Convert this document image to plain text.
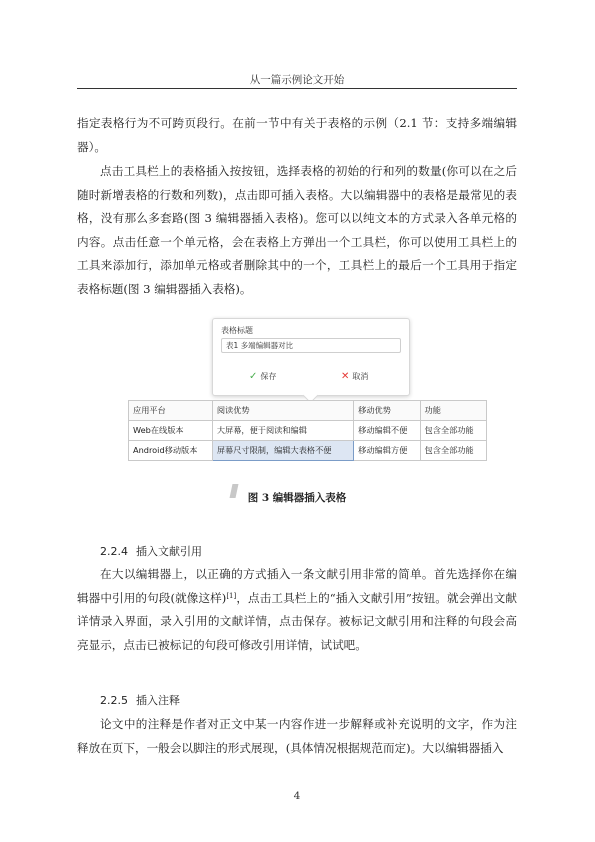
从一篇示例论文开始

指定表格行为不可跨页段行。在前一节中有关于表格的示例（2.1 节：支持多端编辑器）。

点击工具栏上的表格插入按按钮，选择表格的初始的行和列的数量(你可以在之后随时新增表格的行数和列数)，点击即可插入表格。大以编辑器中的表格是最常见的表格，没有那么多套路(图 3 编辑器插入表格)。您可以以纯文本的方式录入各单元格的内容。点击任意一个单元格，会在表格上方弹出一个工具栏，你可以使用工具栏上的工具来添加行，添加单元格或者删除其中的一个，工具栏上的最后一个工具用于指定表格标题(图 3 编辑器插入表格)。

表格标题
表1 多端编辑器对比
✓ 保存	✕ 取消
应用平台	阅读优势	移动优势	功能
Web在线版本	大屏幕，便于阅读和编辑	移动编辑不便	包含全部功能
Android移动版本	屏幕尺寸限制，编辑大表格不便	移动编辑方便	包含全部功能
图 3 编辑器插入表格
2.2.4 插入文献引用

在大以编辑器上，以正确的方式插入一条文献引用非常的简单。首先选择你在编辑器中引用的句段(就像这样)[1]，点击工具栏上的“插入文献引用”按钮。就会弹出文献详情录入界面，录入引用的文献详情，点击保存。被标记文献引用和注释的句段会高亮显示，点击已被标记的句段可修改引用详情，试试吧。

2.2.5 插入注释

论文中的注释是作者对正文中某一内容作进一步解释或补充说明的文字，作为注释放在页下，一般会以脚注的形式展现，(具体情况根据规范而定)。大以编辑器插入

4
